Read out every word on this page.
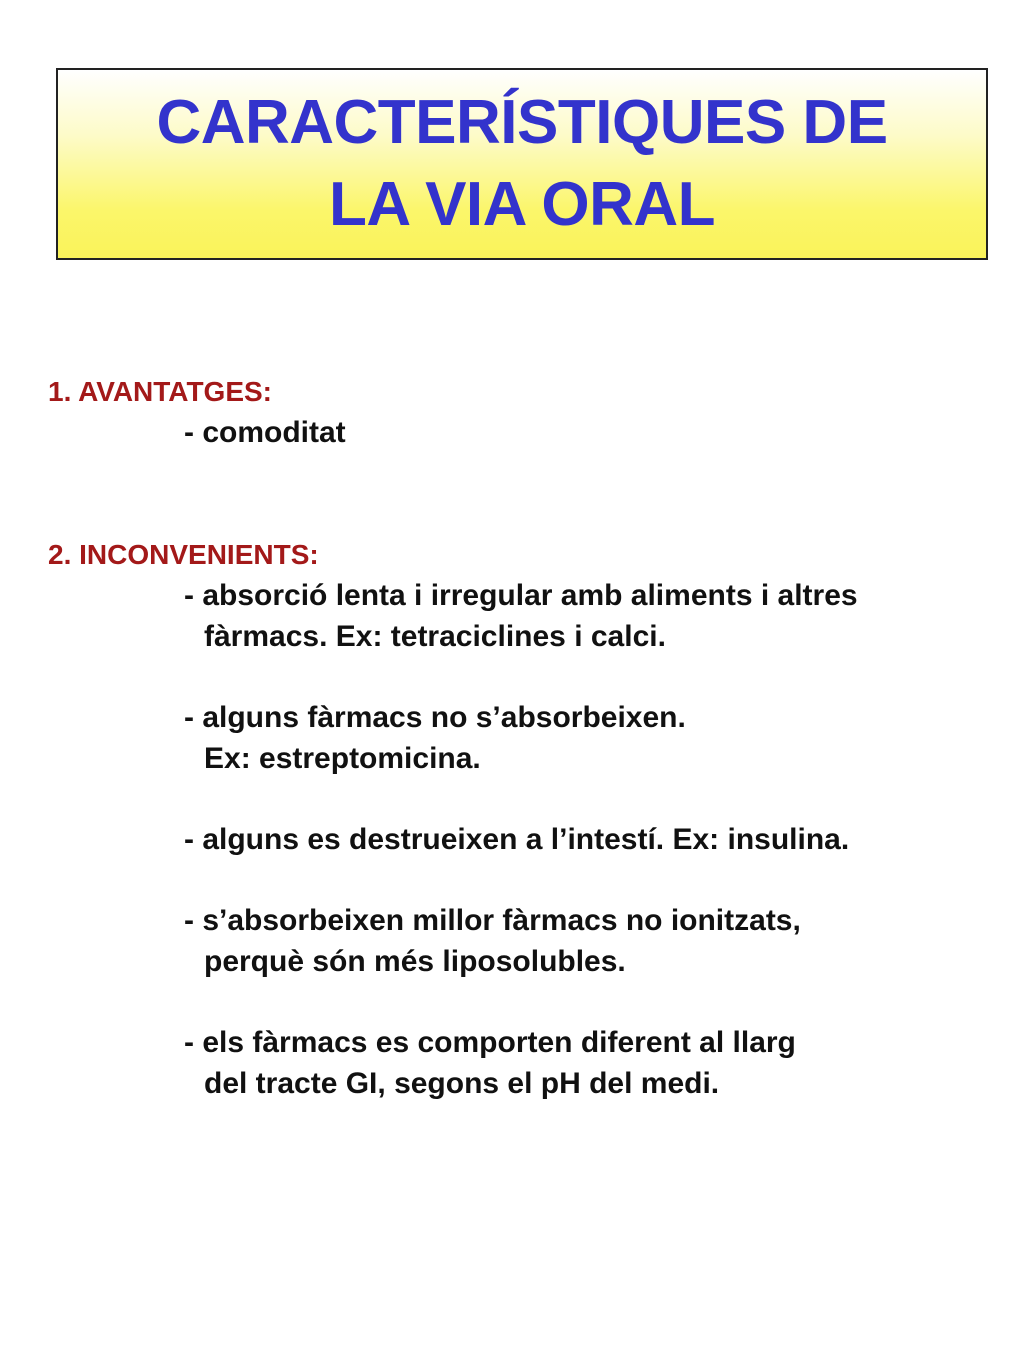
CARACTERÍSTIQUES DE
LA VIA ORAL
1. AVANTATGES:
- comoditat
2. INCONVENIENTS:
- absorció lenta i irregular amb aliments i altres
fàrmacs. Ex: tetraciclines i calci.
- alguns fàrmacs no s’absorbeixen.
Ex: estreptomicina.
- alguns es destrueixen a l’intestí. Ex: insulina.
- s’absorbeixen millor fàrmacs no ionitzats,
perquè són més liposolubles.
- els fàrmacs es comporten diferent al llarg
del tracte GI, segons el pH del medi.
